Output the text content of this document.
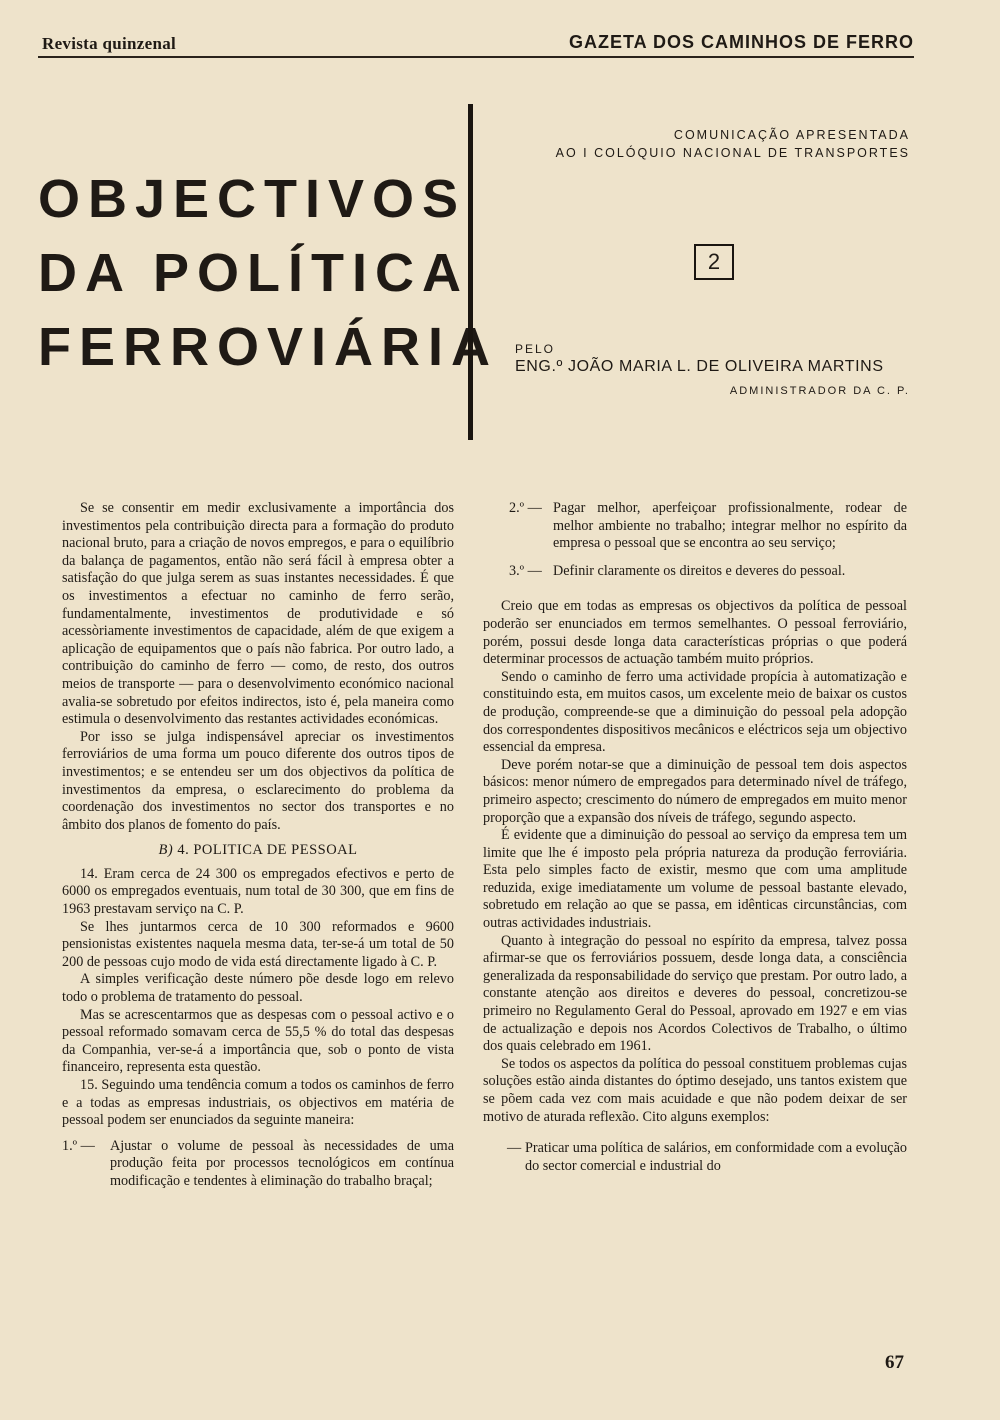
Revista quinzenal	GAZETA DOS CAMINHOS DE FERRO
OBJECTIVOS
DA POLÍTICA
FERROVIÁRIA
COMUNICAÇÃO APRESENTADA
AO I COLÓQUIO NACIONAL DE TRANSPORTES
2
PELO
ENG.º JOÃO MARIA L. DE OLIVEIRA MARTINS
ADMINISTRADOR DA C. P.

Se se consentir em medir exclusivamente a importância dos investimentos pela contribuição directa para a formação do produto nacional bruto, para a criação de novos empregos, e para o equilíbrio da balança de pagamentos, então não será fácil à empresa obter a satisfação do que julga serem as suas instantes necessidades. É que os investimentos a efectuar no caminho de ferro serão, fundamentalmente, investimentos de produtividade e só acessòriamente investimentos de capacidade, além de que exigem a aplicação de equipamentos que o país não fabrica. Por outro lado, a contribuição do caminho de ferro — como, de resto, dos outros meios de transporte — para o desenvolvimento económico nacional avalia-se sobretudo por efeitos indirectos, isto é, pela maneira como estimula o desenvolvimento das restantes actividades económicas.

Por isso se julga indispensável apreciar os investimentos ferroviários de uma forma um pouco diferente dos outros tipos de investimentos; e se entendeu ser um dos objectivos da política de investimentos da empresa, o esclarecimento do problema da coordenação dos investimentos no sector dos transportes e no âmbito dos planos de fomento do país.

B) 4. POLITICA DE PESSOAL

14. Eram cerca de 24 300 os empregados efectivos e perto de 6000 os empregados eventuais, num total de 30 300, que em fins de 1963 prestavam serviço na C. P.

Se lhes juntarmos cerca de 10 300 reformados e 9600 pensionistas existentes naquela mesma data, ter-se-á um total de 50 200 de pessoas cujo modo de vida está directamente ligado à C. P.

A simples verificação deste número põe desde logo em relevo todo o problema de tratamento do pessoal.

Mas se acrescentarmos que as despesas com o pessoal activo e o pessoal reformado somavam cerca de 55,5 % do total das despesas da Companhia, ver-se-á a importância que, sob o ponto de vista financeiro, representa esta questão.

15. Seguindo uma tendência comum a todos os caminhos de ferro e a todas as empresas industriais, os objectivos em matéria de pessoal podem ser enunciados da seguinte maneira:

1.º —	Ajustar o volume de pessoal às necessidades de uma produção feita por processos tecnológicos em contínua modificação e tendentes à eliminação do trabalho braçal;
2.º — Pagar melhor, aperfeiçoar profissionalmente, rodear de melhor ambiente no trabalho; integrar melhor no espírito da empresa o pessoal que se encontra ao seu serviço;
3.º — Definir claramente os direitos e deveres do pessoal.

Creio que em todas as empresas os objectivos da política de pessoal poderão ser enunciados em termos semelhantes. O pessoal ferroviário, porém, possui desde longa data características próprias o que poderá determinar processos de actuação também muito próprios.

Sendo o caminho de ferro uma actividade propícia à automatização e constituindo esta, em muitos casos, um excelente meio de baixar os custos de produção, compreende-se que a diminuição do pessoal pela adopção dos correspondentes dispositivos mecânicos e eléctricos seja um objectivo essencial da empresa.

Deve porém notar-se que a diminuição de pessoal tem dois aspectos básicos: menor número de empregados para determinado nível de tráfego, primeiro aspecto; crescimento do número de empregados em muito menor proporção que a expansão dos níveis de tráfego, segundo aspecto.

É evidente que a diminuição do pessoal ao serviço da empresa tem um limite que lhe é imposto pela própria natureza da produção ferroviária. Esta pelo simples facto de existir, mesmo que com uma amplitude reduzida, exige imediatamente um volume de pessoal bastante elevado, sobretudo em relação ao que se passa, em idênticas circunstâncias, com outras actividades industriais.

Quanto à integração do pessoal no espírito da empresa, talvez possa afirmar-se que os ferroviários possuem, desde longa data, a consciência generalizada da responsabilidade do serviço que prestam. Por outro lado, a constante atenção aos direitos e deveres do pessoal, concretizou-se primeiro no Regulamento Geral do Pessoal, aprovado em 1927 e em vias de actualização e depois nos Acordos Colectivos de Trabalho, o último dos quais celebrado em 1961.

Se todos os aspectos da política do pessoal constituem problemas cujas soluções estão ainda distantes do óptimo desejado, uns tantos existem que se põem cada vez com mais acuidade e que não podem deixar de ser motivo de aturada reflexão. Cito alguns exemplos:

— Praticar uma política de salários, em conformidade com a evolução do sector comercial e industrial do
67
